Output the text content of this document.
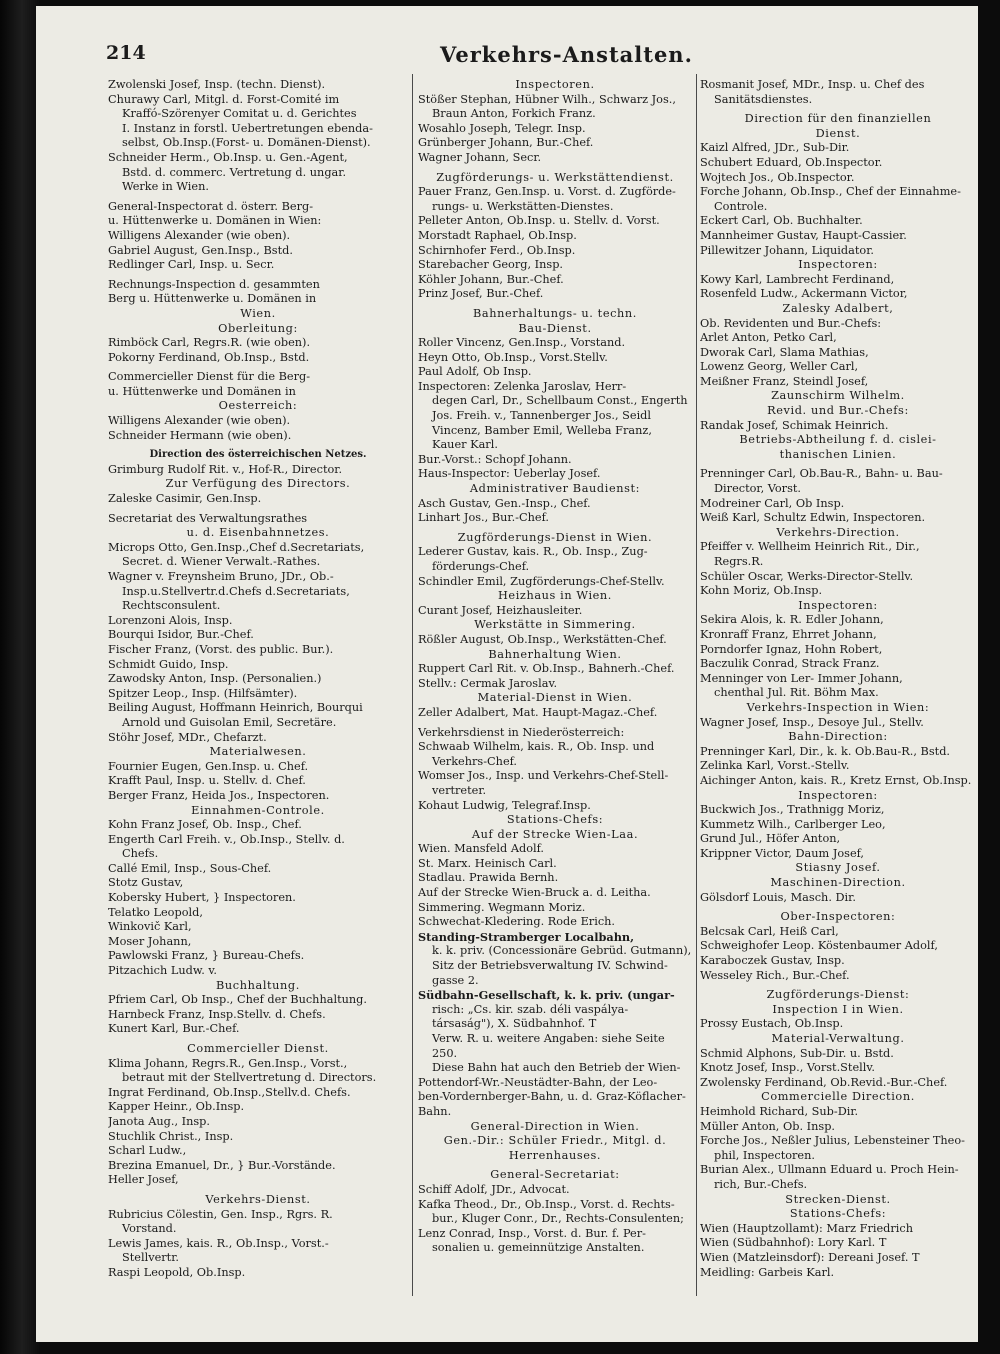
214	Verkehrs-Anstalten.
Zwolenski Josef, Insp. (techn. Dienst).
Churawy Carl, Mitgl. d. Forst-Comité im
Kraffó-Szörenyer Comitat u. d. Gerichtes
I. Instanz in forstl. Uebertretungen ebenda-
selbst, Ob.Insp.(Forst- u. Domänen-Dienst).
Schneider Herm., Ob.Insp. u. Gen.-Agent,
Bstd. d. commerc. Vertretung d. ungar.
Werke in Wien.
General-Inspectorat d. österr. Berg-
u. Hüttenwerke u. Domänen in Wien:
Willigens Alexander (wie oben).
Gabriel August, Gen.Insp., Bstd.
Redlinger Carl, Insp. u. Secr.
Rechnungs-Inspection d. gesammten
Berg u. Hüttenwerke u. Domänen in
Wien.
Oberleitung:
Rimböck Carl, Regrs.R. (wie oben).
Pokorny Ferdinand, Ob.Insp., Bstd.
Commercieller Dienst für die Berg-
u. Hüttenwerke und Domänen in
Oesterreich:
Willigens Alexander (wie oben).
Schneider Hermann (wie oben).
Direction des österreichischen Netzes.
Grimburg Rudolf Rit. v., Hof-R., Director.
Zur Verfügung des Directors.
Zaleske Casimir, Gen.Insp.
Secretariat des Verwaltungsrathes
u. d. Eisenbahnnetzes.
Microps Otto, Gen.Insp.,Chef d.Secretariats,
Secret. d. Wiener Verwalt.-Rathes.
Wagner v. Freynsheim Bruno, JDr., Ob.-
Insp.u.Stellvertr.d.Chefs d.Secretariats,
Rechtsconsulent.
Lorenzoni Alois, Insp.
Bourqui Isidor, Bur.-Chef.
Fischer Franz, (Vorst. des public. Bur.).
Schmidt Guido, Insp.
Zawodsky Anton, Insp. (Personalien.)
Spitzer Leop., Insp. (Hilfsämter).
Beiling August, Hoffmann Heinrich, Bourqui
Arnold und Guisolan Emil, Secretäre.
Stöhr Josef, MDr., Chefarzt.
Materialwesen.
Fournier Eugen, Gen.Insp. u. Chef.
Krafft Paul, Insp. u. Stellv. d. Chef.
Berger Franz, Heida Jos., Inspectoren.
Einnahmen-Controle.
Kohn Franz Josef, Ob. Insp., Chef.
Engerth Carl Freih. v., Ob.Insp., Stellv. d.
Chefs.
Callé Emil, Insp., Sous-Chef.
Stotz Gustav,
Kobersky Hubert, } Inspectoren.
Telatko Leopold,
Winkovič Karl,
Moser Johann,
Pawlowski Franz, } Bureau-Chefs.
Pitzachich Ludw. v.
Buchhaltung.
Pfriem Carl, Ob Insp., Chef der Buchhaltung.
Harnbeck Franz, Insp.Stellv. d. Chefs.
Kunert Karl, Bur.-Chef.
Commercieller Dienst.
Klima Johann, Regrs.R., Gen.Insp., Vorst.,
betraut mit der Stellvertretung d. Directors.
Ingrat Ferdinand, Ob.Insp.,Stellv.d. Chefs.
Kapper Heinr., Ob.Insp.
Janota Aug., Insp.
Stuchlik Christ., Insp.
Scharl Ludw.,
Brezina Emanuel, Dr., } Bur.-Vorstände.
Heller Josef,
Verkehrs-Dienst.
Rubricius Cölestin, Gen. Insp., Rgrs. R.
Vorstand.
Lewis James, kais. R., Ob.Insp., Vorst.-
Stellvertr.
Raspi Leopold, Ob.Insp.
Inspectoren.
Stößer Stephan, Hübner Wilh., Schwarz Jos.,
Braun Anton, Forkich Franz.
Wosahlo Joseph, Telegr. Insp.
Grünberger Johann, Bur.-Chef.
Wagner Johann, Secr.
Zugförderungs- u. Werkstättendienst.
Pauer Franz, Gen.Insp. u. Vorst. d. Zugförde-
rungs- u. Werkstätten-Dienstes.
Pelleter Anton, Ob.Insp. u. Stellv. d. Vorst.
Morstadt Raphael, Ob.Insp.
Schirnhofer Ferd., Ob.Insp.
Starebacher Georg, Insp.
Köhler Johann, Bur.-Chef.
Prinz Josef, Bur.-Chef.
Bahnerhaltungs- u. techn.
Bau-Dienst.
Roller Vincenz, Gen.Insp., Vorstand.
Heyn Otto, Ob.Insp., Vorst.Stellv.
Paul Adolf, Ob Insp.
Inspectoren: Zelenka Jaroslav, Herr-
degen Carl, Dr., Schellbaum Const., Engerth
Jos. Freih. v., Tannenberger Jos., Seidl
Vincenz, Bamber Emil, Welleba Franz,
Kauer Karl.
Bur.-Vorst.: Schopf Johann.
Haus-Inspector: Ueberlay Josef.
Administrativer Baudienst:
Asch Gustav, Gen.-Insp., Chef.
Linhart Jos., Bur.-Chef.
Zugförderungs-Dienst in Wien.
Lederer Gustav, kais. R., Ob. Insp., Zug-
förderungs-Chef.
Schindler Emil, Zugförderungs-Chef-Stellv.
Heizhaus in Wien.
Curant Josef, Heizhausleiter.
Werkstätte in Simmering.
Rößler August, Ob.Insp., Werkstätten-Chef.
Bahnerhaltung Wien.
Ruppert Carl Rit. v. Ob.Insp., Bahnerh.-Chef.
Stellv.: Cermak Jaroslav.
Material-Dienst in Wien.
Zeller Adalbert, Mat. Haupt-Magaz.-Chef.
Verkehrsdienst in Niederösterreich:
Schwaab Wilhelm, kais. R., Ob. Insp. und
Verkehrs-Chef.
Womser Jos., Insp. und Verkehrs-Chef-Stell-
vertreter.
Kohaut Ludwig, Telegraf.Insp.
Stations-Chefs:
Auf der Strecke Wien-Laa.
Wien. Mansfeld Adolf.
St. Marx. Heinisch Carl.
Stadlau. Prawida Bernh.
Auf der Strecke Wien-Bruck a. d. Leitha.
Simmering. Wegmann Moriz.
Schwechat-Kledering. Rode Erich.
Standing-Stramberger Localbahn,
k. k. priv. (Concessionäre Gebrüd. Gutmann),
Sitz der Betriebsverwaltung IV. Schwind-
gasse 2.
Südbahn-Gesellschaft, k. k. priv. (ungar-
risch: „Cs. kir. szab. déli vaspálya-
társaság"), X. Südbahnhof. T
Verw. R. u. weitere Angaben: siehe Seite
250.
Diese Bahn hat auch den Betrieb der Wien-
Pottendorf-Wr.-Neustädter-Bahn, der Leo-
ben-Vordernberger-Bahn, u. d. Graz-Köflacher-
Bahn.
General-Direction in Wien.
Gen.-Dir.: Schüler Friedr., Mitgl. d.
Herrenhauses.
General-Secretariat:
Schiff Adolf, JDr., Advocat.
Kafka Theod., Dr., Ob.Insp., Vorst. d. Rechts-
bur., Kluger Conr., Dr., Rechts-Consulenten;
Lenz Conrad, Insp., Vorst. d. Bur. f. Per-
sonalien u. gemeinnützige Anstalten.
Rosmanit Josef, MDr., Insp. u. Chef des
Sanitätsdienstes.
Direction für den finanziellen
Dienst.
Kaizl Alfred, JDr., Sub-Dir.
Schubert Eduard, Ob.Inspector.
Wojtech Jos., Ob.Inspector.
Forche Johann, Ob.Insp., Chef der Einnahme-
Controle.
Eckert Carl, Ob. Buchhalter.
Mannheimer Gustav, Haupt-Cassier.
Pillewitzer Johann, Liquidator.
Inspectoren:
Kowy Karl, Lambrecht Ferdinand,
Rosenfeld Ludw., Ackermann Victor,
Zalesky Adalbert,
Ob. Revidenten und Bur.-Chefs:
Arlet Anton, Petko Carl,
Dworak Carl, Slama Mathias,
Lowenz Georg, Weller Carl,
Meißner Franz, Steindl Josef,
Zaunschirm Wilhelm.
Revid. und Bur.-Chefs:
Randak Josef, Schimak Heinrich.
Betriebs-Abtheilung f. d. cislei-
thanischen Linien.
Prenninger Carl, Ob.Bau-R., Bahn- u. Bau-
Director, Vorst.
Modreiner Carl, Ob Insp.
Weiß Karl, Schultz Edwin, Inspectoren.
Verkehrs-Direction.
Pfeiffer v. Wellheim Heinrich Rit., Dir.,
Regrs.R.
Schüler Oscar, Werks-Director-Stellv.
Kohn Moriz, Ob.Insp.
Inspectoren:
Sekira Alois, k. R. Edler Johann,
Kronraff Franz, Ehrret Johann,
Porndorfer Ignaz, Hohn Robert,
Baczulik Conrad, Strack Franz.
Menninger von Ler- Immer Johann,
chenthal Jul. Rit. Böhm Max.
Verkehrs-Inspection in Wien:
Wagner Josef, Insp., Desoye Jul., Stellv.
Bahn-Direction:
Prenninger Karl, Dir., k. k. Ob.Bau-R., Bstd.
Zelinka Karl, Vorst.-Stellv.
Aichinger Anton, kais. R., Kretz Ernst, Ob.Insp.
Inspectoren:
Buckwich Jos., Trathnigg Moriz,
Kummetz Wilh., Carlberger Leo,
Grund Jul., Höfer Anton,
Krippner Victor, Daum Josef,
Stiasny Josef.
Maschinen-Direction.
Gölsdorf Louis, Masch. Dir.
Ober-Inspectoren:
Belcsak Carl, Heiß Carl,
Schweighofer Leop. Köstenbaumer Adolf,
Karaboczek Gustav, Insp.
Wesseley Rich., Bur.-Chef.
Zugförderungs-Dienst:
Inspection I in Wien.
Prossy Eustach, Ob.Insp.
Material-Verwaltung.
Schmid Alphons, Sub-Dir. u. Bstd.
Knotz Josef, Insp., Vorst.Stellv.
Zwolensky Ferdinand, Ob.Revid.-Bur.-Chef.
Commercielle Direction.
Heimhold Richard, Sub-Dir.
Müller Anton, Ob. Insp.
Forche Jos., Neßler Julius, Lebensteiner Theo-
phil, Inspectoren.
Burian Alex., Ullmann Eduard u. Proch Hein-
rich, Bur.-Chefs.
Strecken-Dienst.
Stations-Chefs:
Wien (Hauptzollamt): Marz Friedrich
Wien (Südbahnhof): Lory Karl. T
Wien (Matzleinsdorf): Dereani Josef. T
Meidling: Garbeis Karl.
